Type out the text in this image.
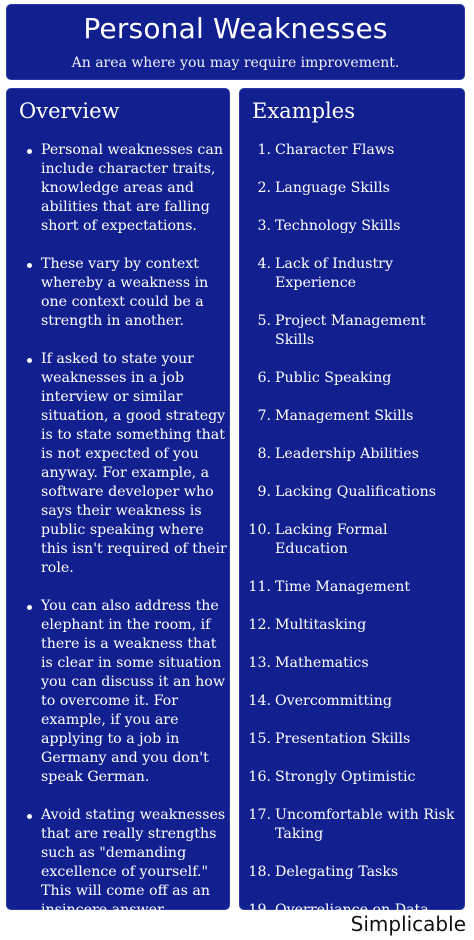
Personal Weaknesses
An area where you may require improvement.
Overview
Personal weaknesses can include character traits, knowledge areas and abilities that are falling short of expectations.
These vary by context whereby a weakness in one context could be a strength in another.
If asked to state your weaknesses in a job interview or similar situation, a good strategy is to state something that is not expected of you anyway. For example, a software developer who says their weakness is public speaking where this isn't required of their role.
You can also address the elephant in the room, if there is a weakness that is clear in some situation you can discuss it an how to overcome it. For example, if you are applying to a job in Germany and you don't speak German.
Avoid stating weaknesses that are really strengths such as "demanding excellence of yourself." This will come off as an insincere answer.
Examples
1. Character Flaws
2. Language Skills
3. Technology Skills
4. Lack of Industry Experience
5. Project Management Skills
6. Public Speaking
7. Management Skills
8. Leadership Abilities
9. Lacking Qualifications
10. Lacking Formal Education
11. Time Management
12. Multitasking
13. Mathematics
14. Overcommitting
15. Presentation Skills
16. Strongly Optimistic
17. Uncomfortable with Risk Taking
18. Delegating Tasks
19. Overreliance on Data
Simplicable
